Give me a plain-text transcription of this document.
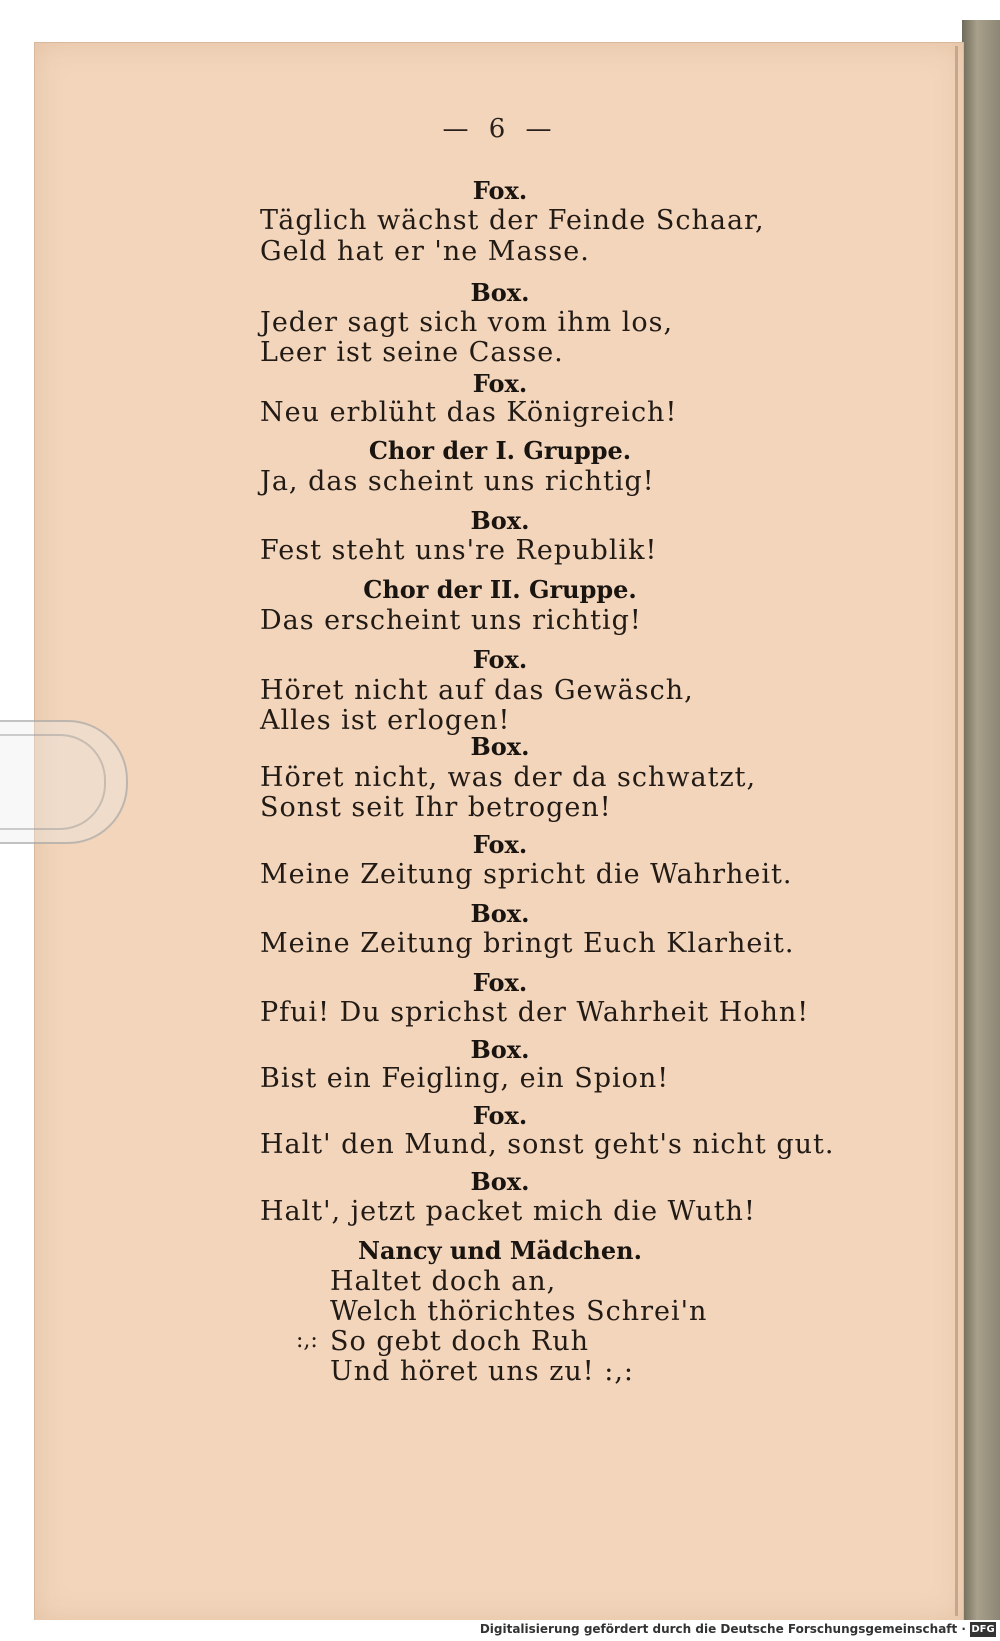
— 6 —
Fox.
Täglich wächst der Feinde Schaar,
Geld hat er 'ne Masse.
Box.
Jeder sagt sich vom ihm los,
Leer ist seine Casse.
Fox.
Neu erblüht das Königreich!
Chor der I. Gruppe.
Ja, das scheint uns richtig!
Box.
Fest steht uns're Republik!
Chor der II. Gruppe.
Das erscheint uns richtig!
Fox.
Höret nicht auf das Gewäsch,
Alles ist erlogen!
Box.
Höret nicht, was der da schwatzt,
Sonst seit Ihr betrogen!
Fox.
Meine Zeitung spricht die Wahrheit.
Box.
Meine Zeitung bringt Euch Klarheit.
Fox.
Pfui! Du sprichst der Wahrheit Hohn!
Box.
Bist ein Feigling, ein Spion!
Fox.
Halt' den Mund, sonst geht's nicht gut.
Box.
Halt', jetzt packet mich die Wuth!
Nancy und Mädchen.
Haltet doch an,
Welch thörichtes Schrei'n
:,: So gebt doch Ruh
Und höret uns zu! :,:
Digitalisierung gefördert durch die Deutsche Forschungsgemeinschaft · DFG
